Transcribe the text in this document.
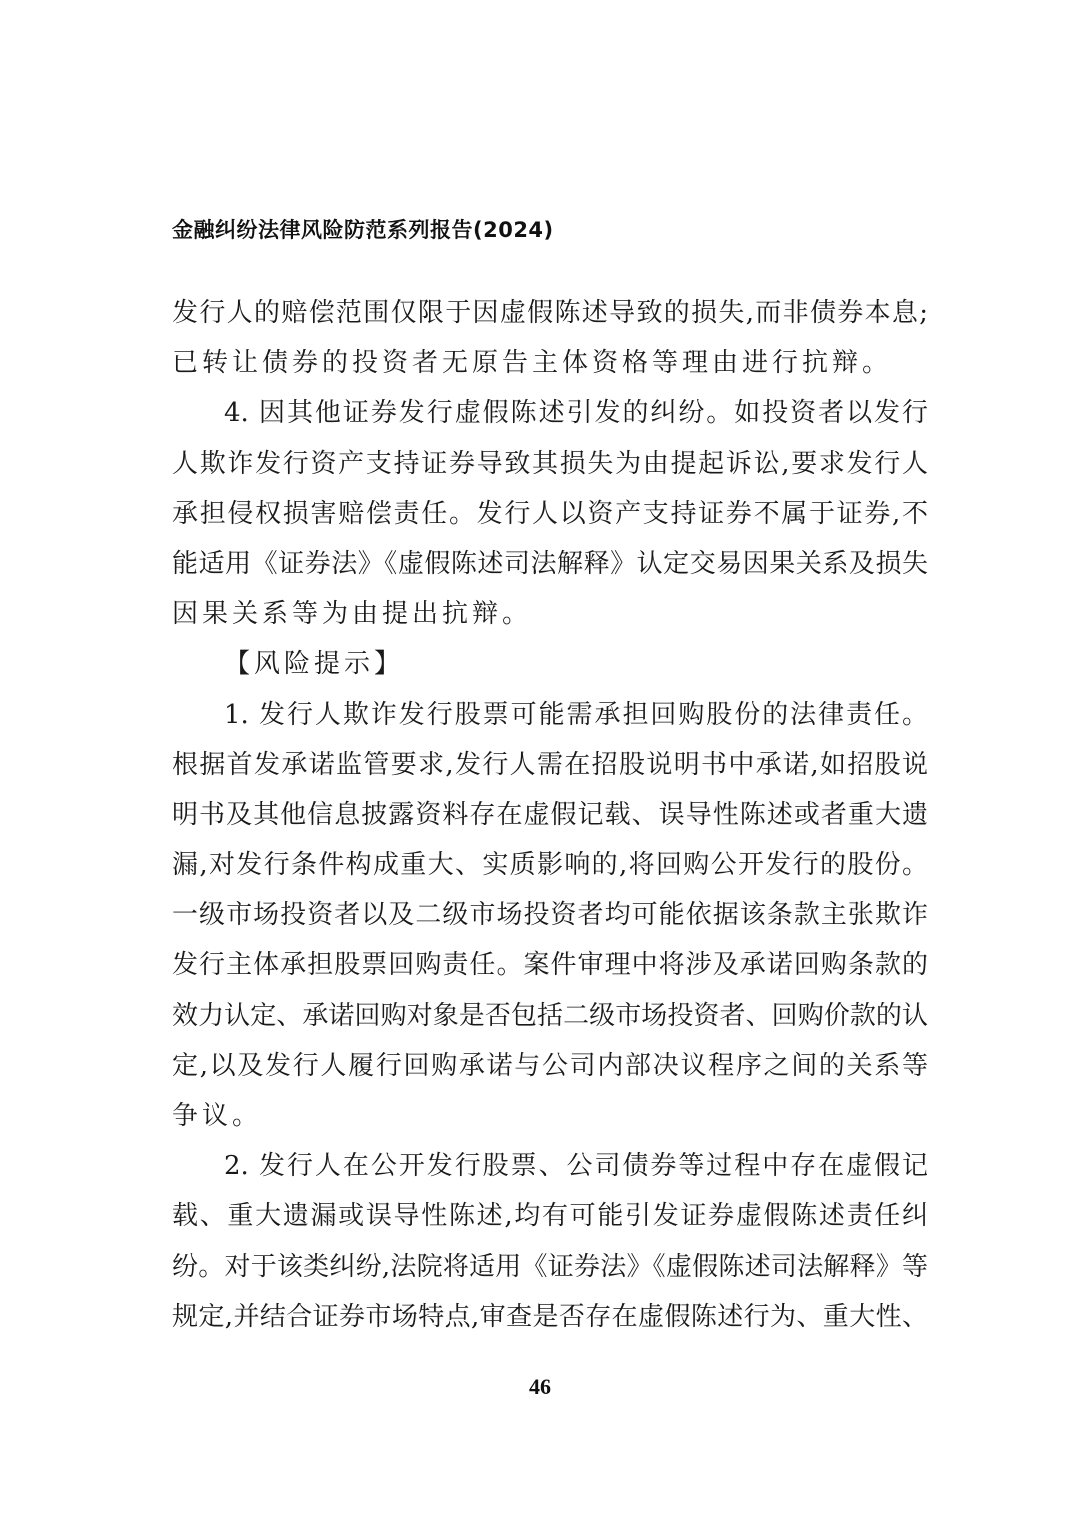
金融纠纷法律风险防范系列报告(2024)
发行人的赔偿范围仅限于因虚假陈述导致的损失,而非债券本息;
已转让债券的投资者无原告主体资格等理由进行抗辩。
4. 因其他证券发行虚假陈述引发的纠纷。如投资者以发行
人欺诈发行资产支持证券导致其损失为由提起诉讼,要求发行人
承担侵权损害赔偿责任。发行人以资产支持证券不属于证券,不
能适用《证券法》《虚假陈述司法解释》认定交易因果关系及损失
因果关系等为由提出抗辩。
【风险提示】
1. 发行人欺诈发行股票可能需承担回购股份的法律责任。
根据首发承诺监管要求,发行人需在招股说明书中承诺,如招股说
明书及其他信息披露资料存在虚假记载、误导性陈述或者重大遗
漏,对发行条件构成重大、实质影响的,将回购公开发行的股份。
一级市场投资者以及二级市场投资者均可能依据该条款主张欺诈
发行主体承担股票回购责任。案件审理中将涉及承诺回购条款的
效力认定、承诺回购对象是否包括二级市场投资者、回购价款的认
定,以及发行人履行回购承诺与公司内部决议程序之间的关系等
争议。
2. 发行人在公开发行股票、公司债券等过程中存在虚假记
载、重大遗漏或误导性陈述,均有可能引发证券虚假陈述责任纠
纷。对于该类纠纷,法院将适用《证券法》《虚假陈述司法解释》等
规定,并结合证券市场特点,审查是否存在虚假陈述行为、重大性、
46
